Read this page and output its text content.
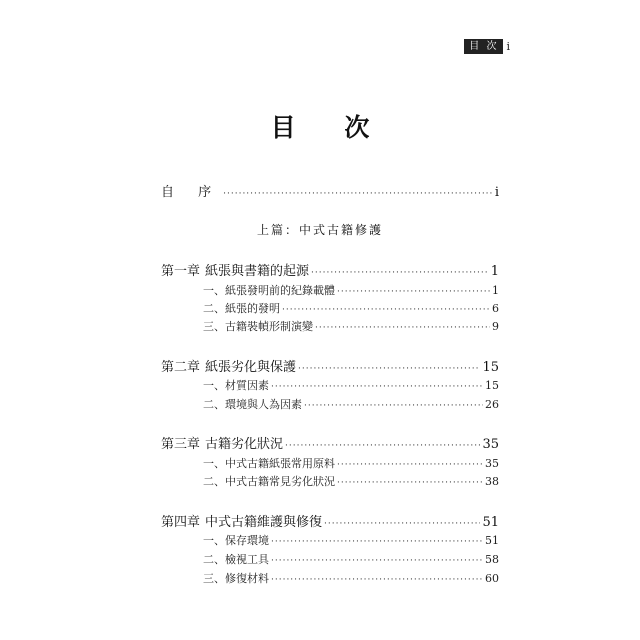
目 次 i
目 次
自 序 ·····	i
上篇：中式古籍修護
第一章 紙張與書籍的起源 ·····	1
一、紙張發明前的紀錄載體 ·····	1
二、紙張的發明 ·····	6
三、古籍裝幀形制演變 ·····	9
第二章 紙張劣化與保護 ·····	15
一、材質因素 ·····	15
二、環境與人為因素 ·····	26
第三章 古籍劣化狀況 ·····	35
一、中式古籍紙張常用原料 ·····	35
二、中式古籍常見劣化狀況 ·····	38
第四章 中式古籍維護與修復 ·····	51
一、保存環境 ·····	51
二、檢視工具 ·····	58
三、修復材料 ·····	60
